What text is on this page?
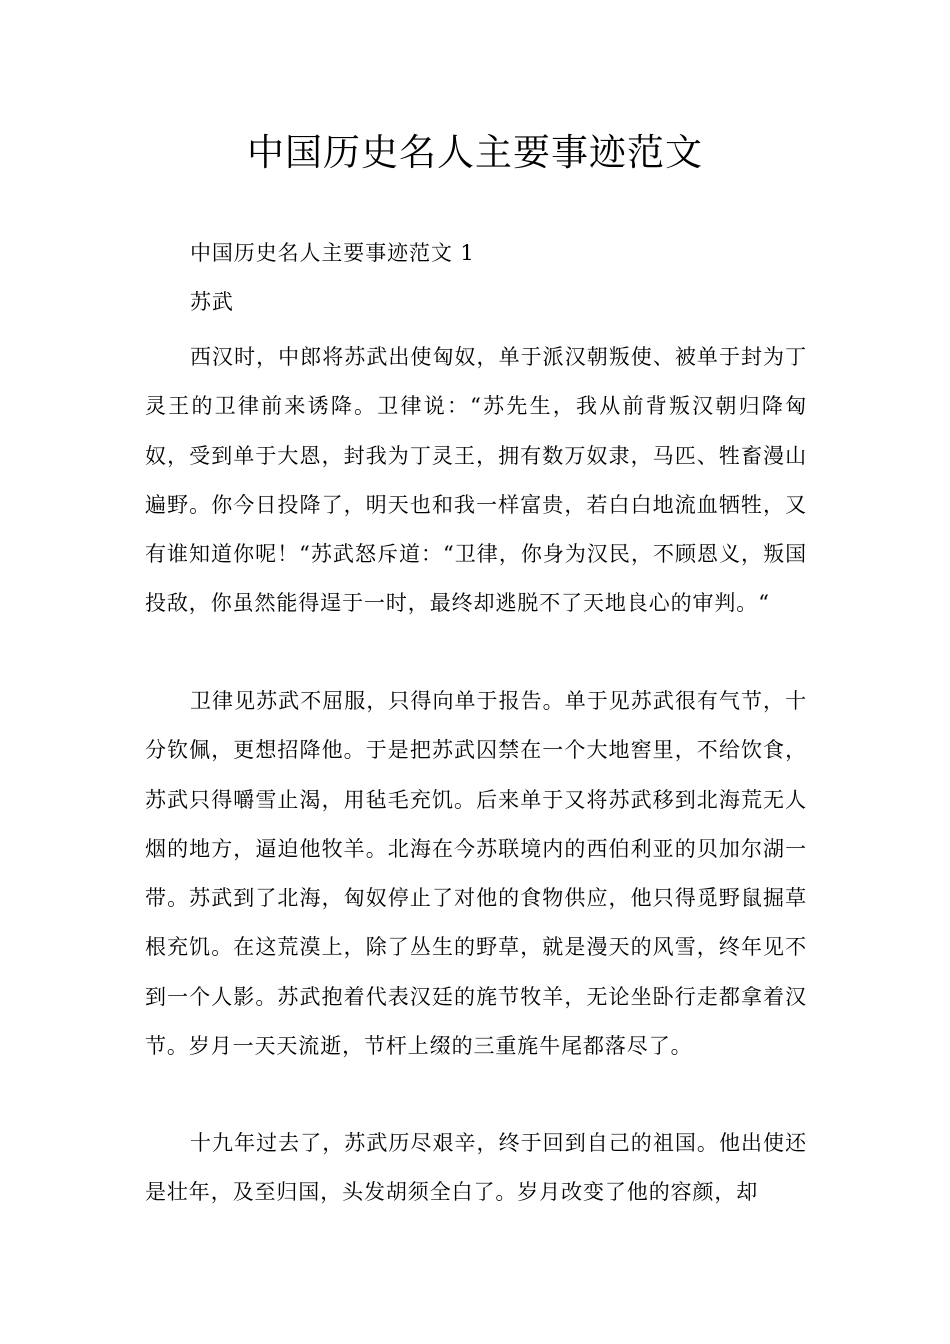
中国历史名人主要事迹范文
中国历史名人主要事迹范文 1
苏武

西汉时，中郎将苏武出使匈奴，单于派汉朝叛使、被单于封为丁灵王的卫律前来诱降。卫律说：“苏先生，我从前背叛汉朝归降匈奴，受到单于大恩，封我为丁灵王，拥有数万奴隶，马匹、牲畜漫山遍野。你今日投降了，明天也和我一样富贵，若白白地流血牺牲，又有谁知道你呢！“苏武怒斥道：“卫律，你身为汉民，不顾恩义，叛国投敌，你虽然能得逞于一时，最终却逃脱不了天地良心的审判。“

卫律见苏武不屈服，只得向单于报告。单于见苏武很有气节，十分钦佩，更想招降他。于是把苏武囚禁在一个大地窖里，不给饮食，苏武只得嚼雪止渴，用毡毛充饥。后来单于又将苏武移到北海荒无人烟的地方，逼迫他牧羊。北海在今苏联境内的西伯利亚的贝加尔湖一带。苏武到了北海，匈奴停止了对他的食物供应，他只得觅野鼠掘草根充饥。在这荒漠上，除了丛生的野草，就是漫天的风雪，终年见不到一个人影。苏武抱着代表汉廷的旄节牧羊，无论坐卧行走都拿着汉节。岁月一天天流逝，节杆上缀的三重旄牛尾都落尽了。

十九年过去了，苏武历尽艰辛，终于回到自己的祖国。他出使还是壮年，及至归国，头发胡须全白了。岁月改变了他的容颜，却
